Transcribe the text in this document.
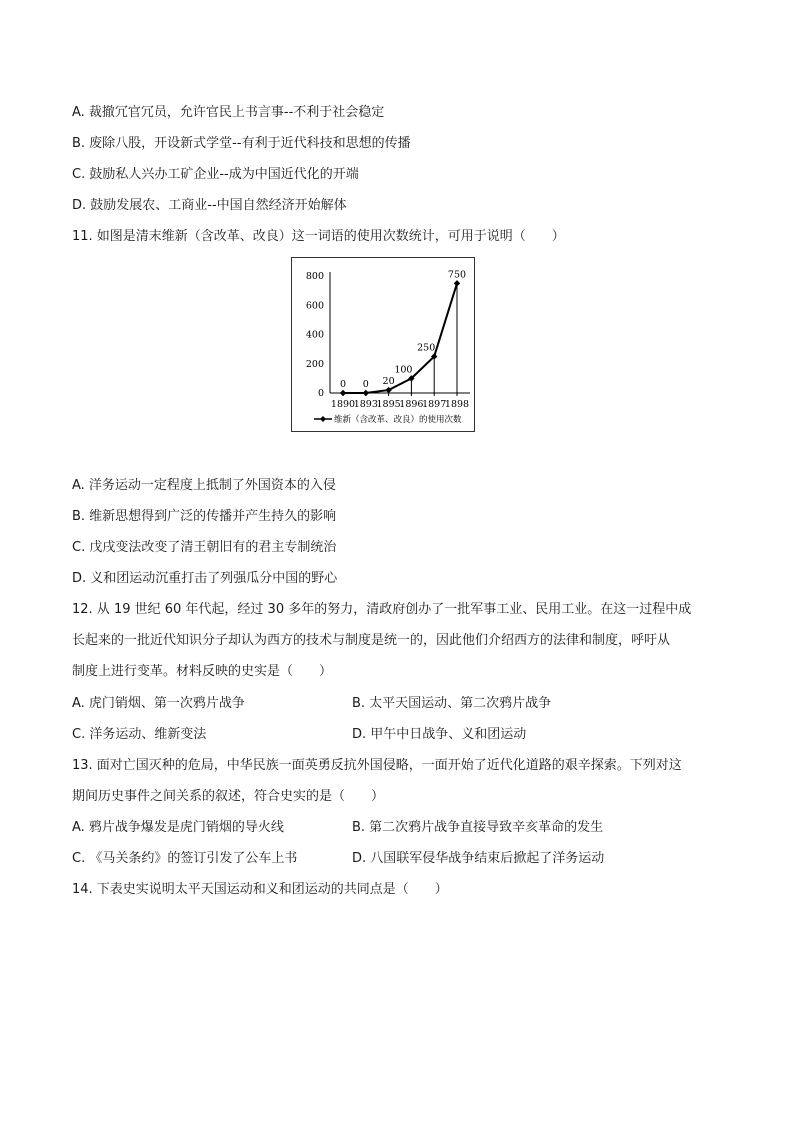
A. 裁撤冗官冗员，允许官民上书言事--不利于社会稳定
B. 废除八股，开设新式学堂--有利于近代科技和思想的传播
C. 鼓励私人兴办工矿企业--成为中国近代化的开端
D. 鼓励发展农、工商业--中国自然经济开始解体
11. 如图是清末维新（含改革、改良）这一词语的使用次数统计，可用于说明（　　）
800
600
400
200
0
1890
1893
1895
1896
1897
1898
0 0 20
100
250
750
维新（含改革、改良）的使用次数
A. 洋务运动一定程度上抵制了外国资本的入侵
B. 维新思想得到广泛的传播并产生持久的影响
C. 戊戌变法改变了清王朝旧有的君主专制统治
D. 义和团运动沉重打击了列强瓜分中国的野心
12. 从 19 世纪 60 年代起，经过 30 多年的努力，清政府创办了一批军事工业、民用工业。在这一过程中成
长起来的一批近代知识分子却认为西方的技术与制度是统一的，因此他们介绍西方的法律和制度，呼吁从
制度上进行变革。材料反映的史实是（　　）
A. 虎门销烟、第一次鸦片战争	B. 太平天国运动、第二次鸦片战争
C. 洋务运动、维新变法	D. 甲午中日战争、义和团运动
13. 面对亡国灭种的危局，中华民族一面英勇反抗外国侵略，一面开始了近代化道路的艰辛探索。下列对这
期间历史事件之间关系的叙述，符合史实的是（　　）
A. 鸦片战争爆发是虎门销烟的导火线	B. 第二次鸦片战争直接导致辛亥革命的发生
C. 《马关条约》的签订引发了公车上书	D. 八国联军侵华战争结束后掀起了洋务运动
14. 下表史实说明太平天国运动和义和团运动的共同点是（　　）
